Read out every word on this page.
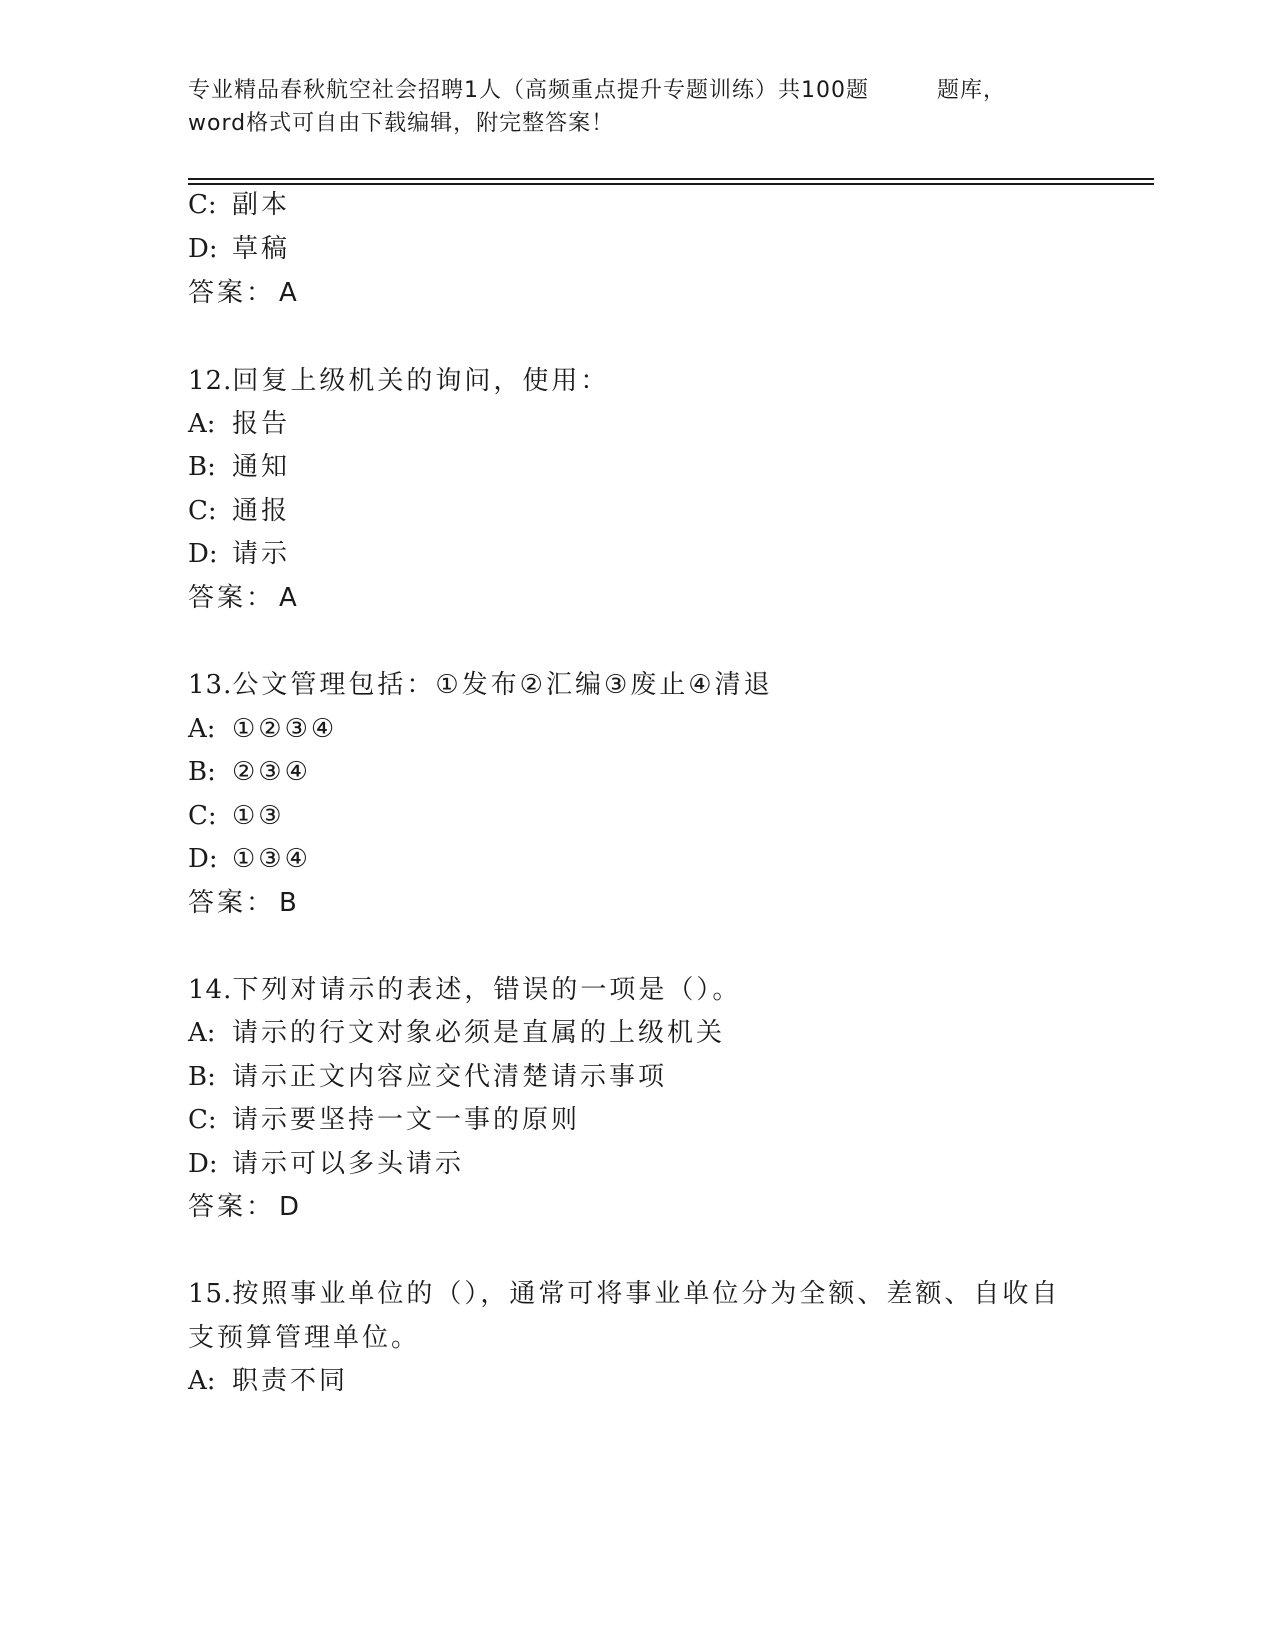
专业精品春秋航空社会招聘1人（高频重点提升专题训练）共100题	题库，
word格式可自由下载编辑，附完整答案！
C: 副本
D: 草稿
答案： A
12.回复上级机关的询问，使用：
A: 报告
B: 通知
C: 通报
D: 请示
答案： A
13.公文管理包括：①发布②汇编③废止④清退
A: ①②③④
B: ②③④
C: ①③
D: ①③④
答案： B
14.下列对请示的表述，错误的一项是（）。
A: 请示的行文对象必须是直属的上级机关
B: 请示正文内容应交代清楚请示事项
C: 请示要坚持一文一事的原则
D: 请示可以多头请示
答案： D
15.按照事业单位的（），通常可将事业单位分为全额、差额、自收自
支预算管理单位。
A: 职责不同
